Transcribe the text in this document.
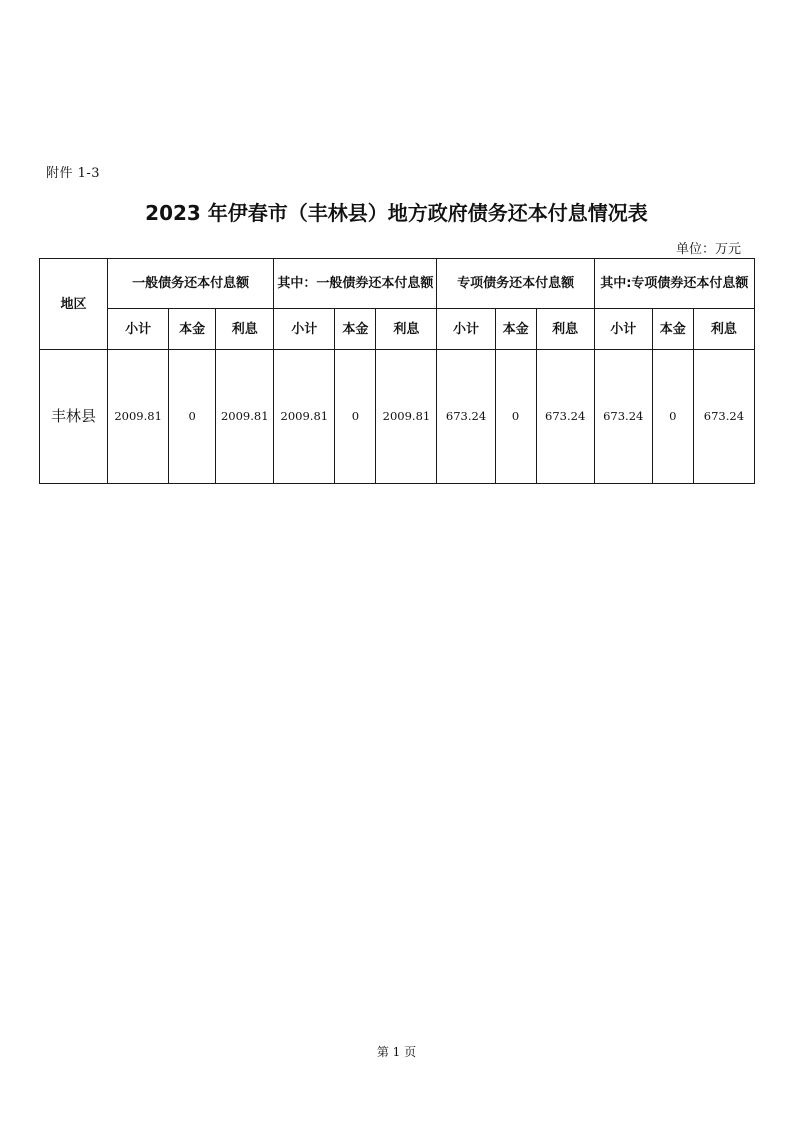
附件 1-3
2023 年伊春市（丰林县）地方政府债务还本付息情况表
单位：万元
地区	一般债务还本付息额			其中：一般债券还本付息额			专项债务还本付息额			其中:专项债券还本付息额		
	小计	本金	利息	小计	本金	利息	小计	本金	利息	小计	本金	利息
丰林县	2009.81	0	2009.81	2009.81	0	2009.81	673.24	0	673.24	673.24	0	673.24
第 1 页
